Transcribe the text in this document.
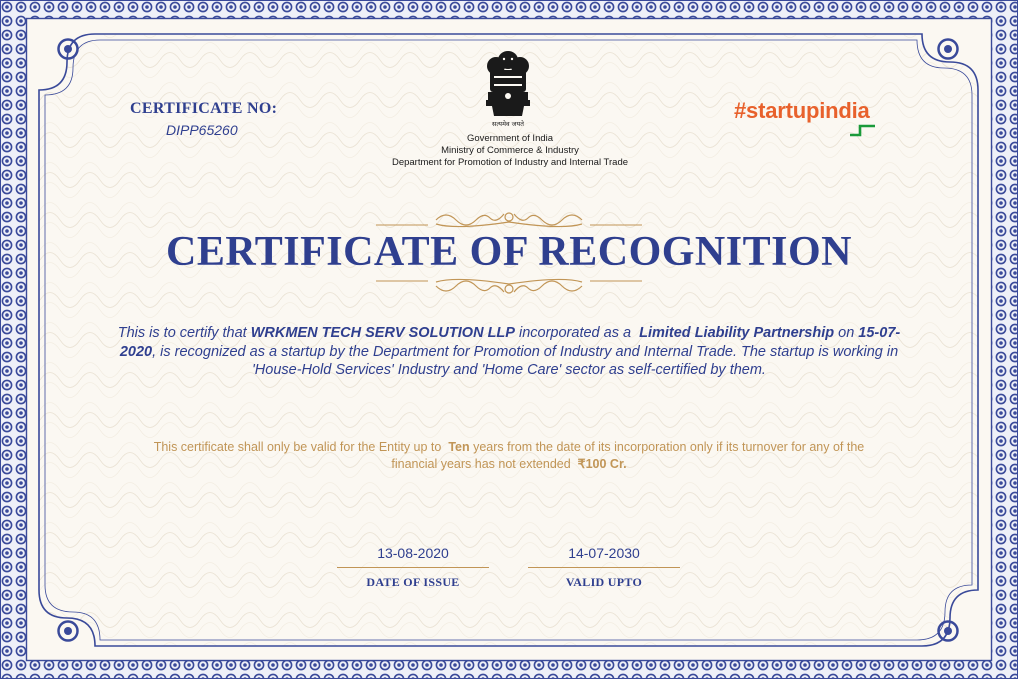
CERTIFICATE NO:
DIPP65260	सत्यमेव जयते
Government of India
Ministry of Commerce & Industry
Department for Promotion of Industry and Internal Trade
#startupindia
CERTIFICATE OF RECOGNITION
This is to certify that WRKMEN TECH SERV SOLUTION LLP incorporated as a Limited Liability Partnership on 15-07-2020, is recognized as a startup by the Department for Promotion of Industry and Internal Trade. The startup is working in 'House-Hold Services' Industry and 'Home Care' sector as self-certified by them.
This certificate shall only be valid for the Entity up to Ten years from the date of its incorporation only if its turnover for any of the financial years has not extended ₹100 Cr.
13-08-2020
DATE OF ISSUE
14-07-2030
VALID UPTO
